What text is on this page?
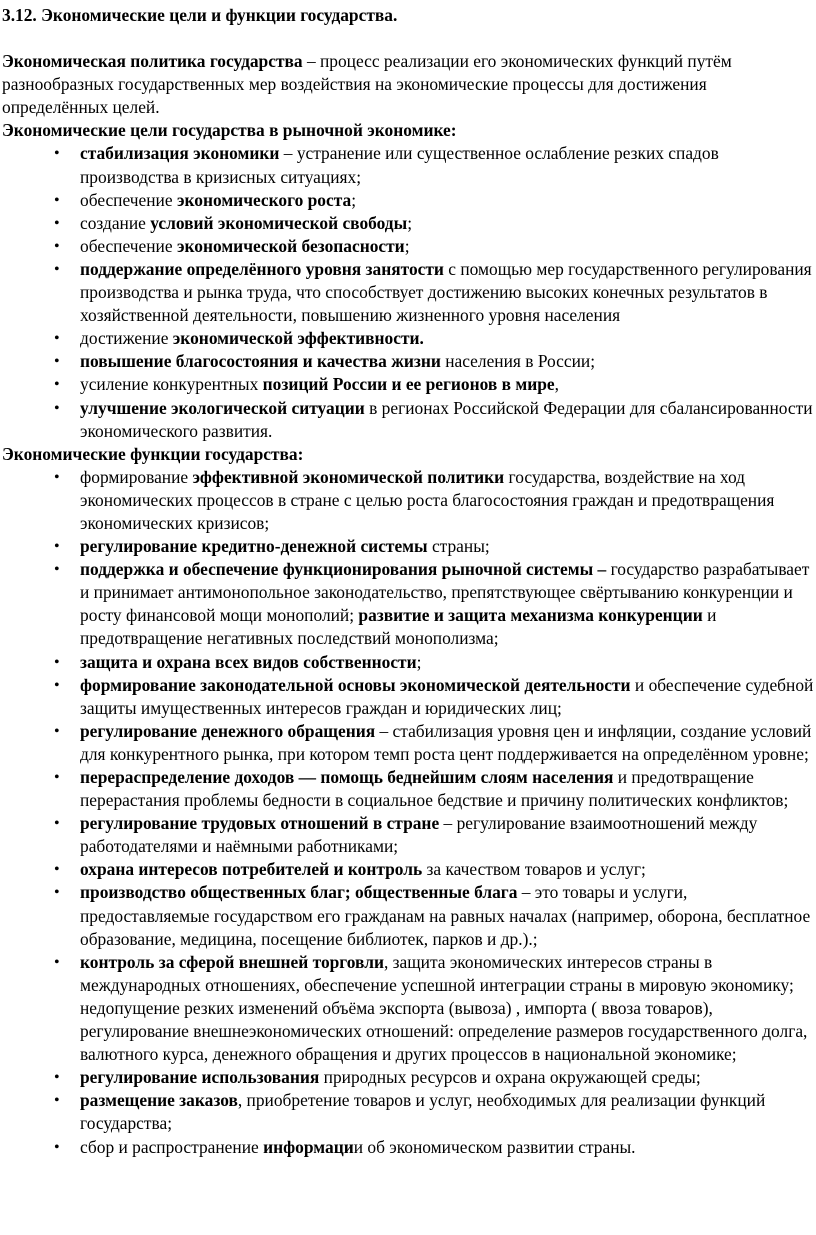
3.12. Экономические цели и функции государства.

Экономическая политика государства – процесс реализации его экономических функций путём разнообразных государственных мер воздействия на экономические процессы для достижения определённых целей.

Экономические цели государства в рыночной экономике:

• стабилизация экономики – устранение или существенное ослабление резких спадов производства в кризисных ситуациях;
• обеспечение экономического роста;
• создание условий экономической свободы;
• обеспечение экономической безопасности;
• поддержание определённого уровня занятости с помощью мер государственного регулирования производства и рынка труда, что способствует достижению высоких конечных результатов в хозяйственной деятельности, повышению жизненного уровня населения
• достижение экономической эффективности.
• повышение благосостояния и качества жизни населения в России;
• усиление конкурентных позиций России и ее регионов в мире,
• улучшение экологической ситуации в регионах Российской Федерации для сбалансированности экономического развития.

Экономические функции государства:

• формирование эффективной экономической политики государства, воздействие на ход экономических процессов в стране с целью роста благосостояния граждан и предотвращения экономических кризисов;
• регулирование кредитно-денежной системы страны;
• поддержка и обеспечение функционирования рыночной системы – государство разрабатывает и принимает антимонопольное законодательство, препятствующее свёртыванию конкуренции и росту финансовой мощи монополий; развитие и защита механизма конкуренции и предотвращение негативных последствий монополизма;
• защита и охрана всех видов собственности;
• формирование законодательной основы экономической деятельности и обеспечение судебной защиты имущественных интересов граждан и юридических лиц;
• регулирование денежного обращения – стабилизация уровня цен и инфляции, создание условий для конкурентного рынка, при котором темп роста цент поддерживается на определённом уровне;
• перераспределение доходов — помощь беднейшим слоям населения и предотвращение перерастания проблемы бедности в социальное бедствие и причину политических конфликтов;
• регулирование трудовых отношений в стране – регулирование взаимоотношений между работодателями и наёмными работниками;
• охрана интересов потребителей и контроль за качеством товаров и услуг;
• производство общественных благ; общественные блага – это товары и услуги, предоставляемые государством его гражданам на равных началах (например, оборона, бесплатное образование, медицина, посещение библиотек, парков и др.).;
• контроль за сферой внешней торговли, защита экономических интересов страны в международных отношениях, обеспечение успешной интеграции страны в мировую экономику; недопущение резких изменений объёма экспорта (вывоза) , импорта ( ввоза товаров), регулирование внешнеэкономических отношений: определение размеров государственного долга, валютного курса, денежного обращения и других процессов в национальной экономике;
• регулирование использования природных ресурсов и охрана окружающей среды;
• размещение заказов, приобретение товаров и услуг, необходимых для реализации функций государства;
• сбор и распространение информации об экономическом развитии страны.
